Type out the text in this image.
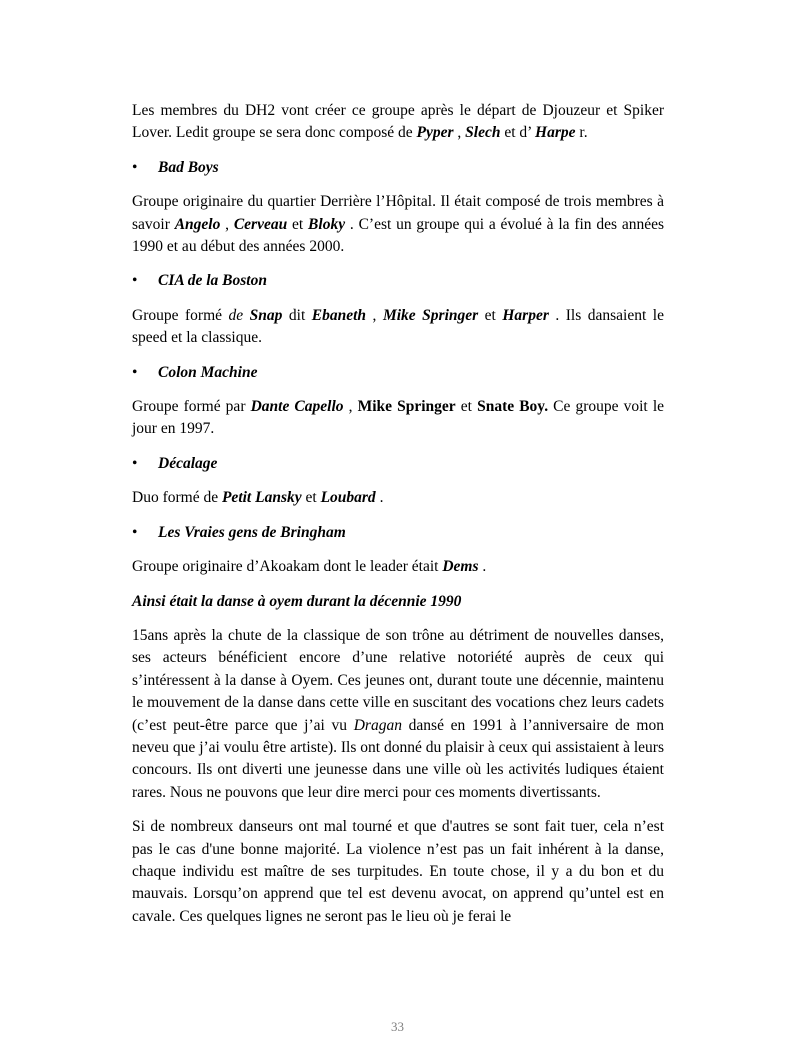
Les membres du DH2 vont créer ce groupe après le départ de Djouzeur et Spiker Lover. Ledit groupe se sera donc composé de Pyper , Slech et d’ Harpe r.

•	Bad Boys

Groupe originaire du quartier Derrière l’Hôpital. Il était composé de trois membres à savoir Angelo , Cerveau et Bloky . C’est un groupe qui a évolué à la fin des années 1990 et au début des années 2000.

•	CIA de la Boston

Groupe formé de Snap dit Ebaneth , Mike Springer et Harper . Ils dansaient le speed et la classique.

•	Colon Machine

Groupe formé par Dante Capello , Mike Springer et Snate Boy. Ce groupe voit le jour en 1997.

•	Décalage

Duo formé de Petit Lansky et Loubard .

•	Les Vraies gens de Bringham

Groupe originaire d’Akoakam dont le leader était Dems .

Ainsi était la danse à oyem durant la décennie 1990

15ans après la chute de la classique de son trône au détriment de nouvelles danses, ses acteurs bénéficient encore d’une relative notoriété auprès de ceux qui s’intéressent à la danse à Oyem. Ces jeunes ont, durant toute une décennie, maintenu le mouvement de la danse dans cette ville en suscitant des vocations chez leurs cadets (c’est peut-être parce que j’ai vu Dragan dansé en 1991 à l’anniversaire de mon neveu que j’ai voulu être artiste). Ils ont donné du plaisir à ceux qui assistaient à leurs concours. Ils ont diverti une jeunesse dans une ville où les activités ludiques étaient rares. Nous ne pouvons que leur dire merci pour ces moments divertissants.

Si de nombreux danseurs ont mal tourné et que d'autres se sont fait tuer, cela n’est pas le cas d'une bonne majorité. La violence n’est pas un fait inhérent à la danse, chaque individu est maître de ses turpitudes. En toute chose, il y a du bon et du mauvais. Lorsqu’on apprend que tel est devenu avocat, on apprend qu’untel est en cavale. Ces quelques lignes ne seront pas le lieu où je ferai le

33
